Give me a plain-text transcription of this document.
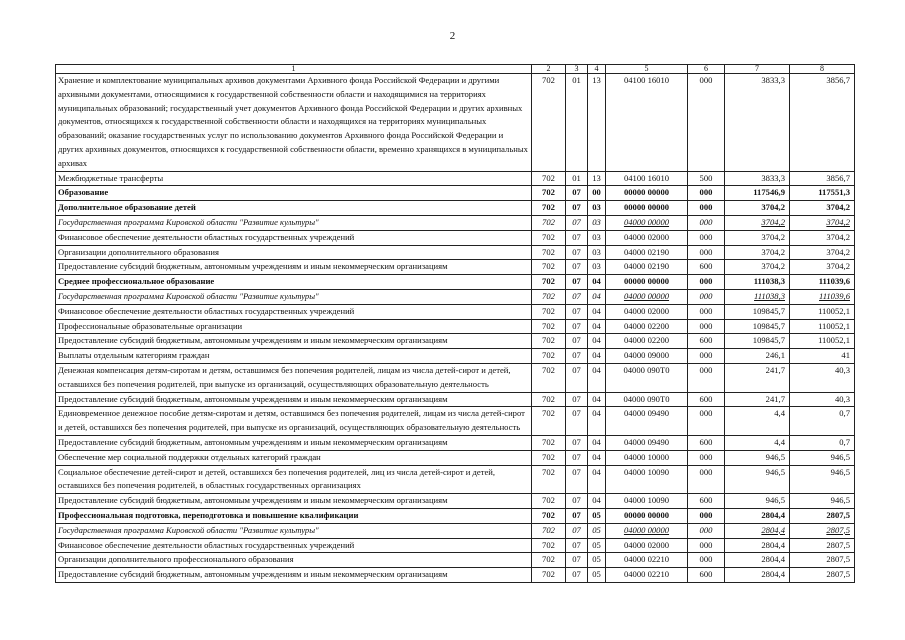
2
1	2	3	4	5	6	7	8
Хранение и комплектование муниципальных архивов документами Архивного фонда Российской Федерации и другими архивными документами, относящимися к государственной собственности области и находящимися на территориях муниципальных образований; государственный учет документов Архивного фонда Российской Федерации и других архивных документов, относящихся к государственной собственности области и находящихся на территориях муниципальных образований; оказание государственных услуг по использованию документов Архивного фонда Российской Федерации и других архивных документов, относящихся к государственной собственности области, временно хранящихся в муниципальных архивах	702	01	13	04100 16010	000	3833,3	3856,7
Межбюджетные трансферты	702	01	13	04100 16010	500	3833,3	3856,7
Образование	702	07	00	00000 00000	000	117546,9	117551,3
Дополнительное образование детей	702	07	03	00000 00000	000	3704,2	3704,2
Государственная программа Кировской области "Развитие культуры"	702	07	03	04000 00000	000	3704,2	3704,2
Финансовое обеспечение деятельности областных государственных учреждений	702	07	03	04000 02000	000	3704,2	3704,2
Организации дополнительного образования	702	07	03	04000 02190	000	3704,2	3704,2
Предоставление субсидий бюджетным, автономным учреждениям и иным некоммерческим организациям	702	07	03	04000 02190	600	3704,2	3704,2
Среднее профессиональное образование	702	07	04	00000 00000	000	111038,3	111039,6
Государственная программа Кировской области "Развитие культуры"	702	07	04	04000 00000	000	111038,3	111039,6
Финансовое обеспечение деятельности областных государственных учреждений	702	07	04	04000 02000	000	109845,7	110052,1
Профессиональные образовательные организации	702	07	04	04000 02200	000	109845,7	110052,1
Предоставление субсидий бюджетным, автономным учреждениям и иным некоммерческим организациям	702	07	04	04000 02200	600	109845,7	110052,1
Выплаты отдельным категориям граждан	702	07	04	04000 09000	000	246,1	41
Денежная компенсация детям-сиротам и детям, оставшимся без попечения родителей, лицам из числа детей-сирот и детей, оставшихся без попечения родителей, при выпуске из организаций, осуществляющих образовательную деятельность	702	07	04	04000 090Т0	000	241,7	40,3
Предоставление субсидий бюджетным, автономным учреждениям и иным некоммерческим организациям	702	07	04	04000 090Т0	600	241,7	40,3
Единовременное денежное пособие детям-сиротам и детям, оставшимся без попечения родителей, лицам из числа детей-сирот и детей, оставшихся без попечения родителей, при выпуске из организаций, осуществляющих образовательную деятельность	702	07	04	04000 09490	000	4,4	0,7
Предоставление субсидий бюджетным, автономным учреждениям и иным некоммерческим организациям	702	07	04	04000 09490	600	4,4	0,7
Обеспечение мер социальной поддержки отдельных категорий граждан	702	07	04	04000 10000	000	946,5	946,5
Социальное обеспечение детей-сирот и детей, оставшихся без попечения родителей, лиц из числа детей-сирот и детей, оставшихся без попечения родителей, в областных государственных организациях	702	07	04	04000 10090	000	946,5	946,5
Предоставление субсидий бюджетным, автономным учреждениям и иным некоммерческим организациям	702	07	04	04000 10090	600	946,5	946,5
Профессиональная подготовка, переподготовка и повышение квалификации	702	07	05	00000 00000	000	2804,4	2807,5
Государственная программа Кировской области "Развитие культуры"	702	07	05	04000 00000	000	2804,4	2807,5
Финансовое обеспечение деятельности областных государственных учреждений	702	07	05	04000 02000	000	2804,4	2807,5
Организации дополнительного профессионального образования	702	07	05	04000 02210	000	2804,4	2807,5
Предоставление субсидий бюджетным, автономным учреждениям и иным некоммерческим организациям	702	07	05	04000 02210	600	2804,4	2807,5
